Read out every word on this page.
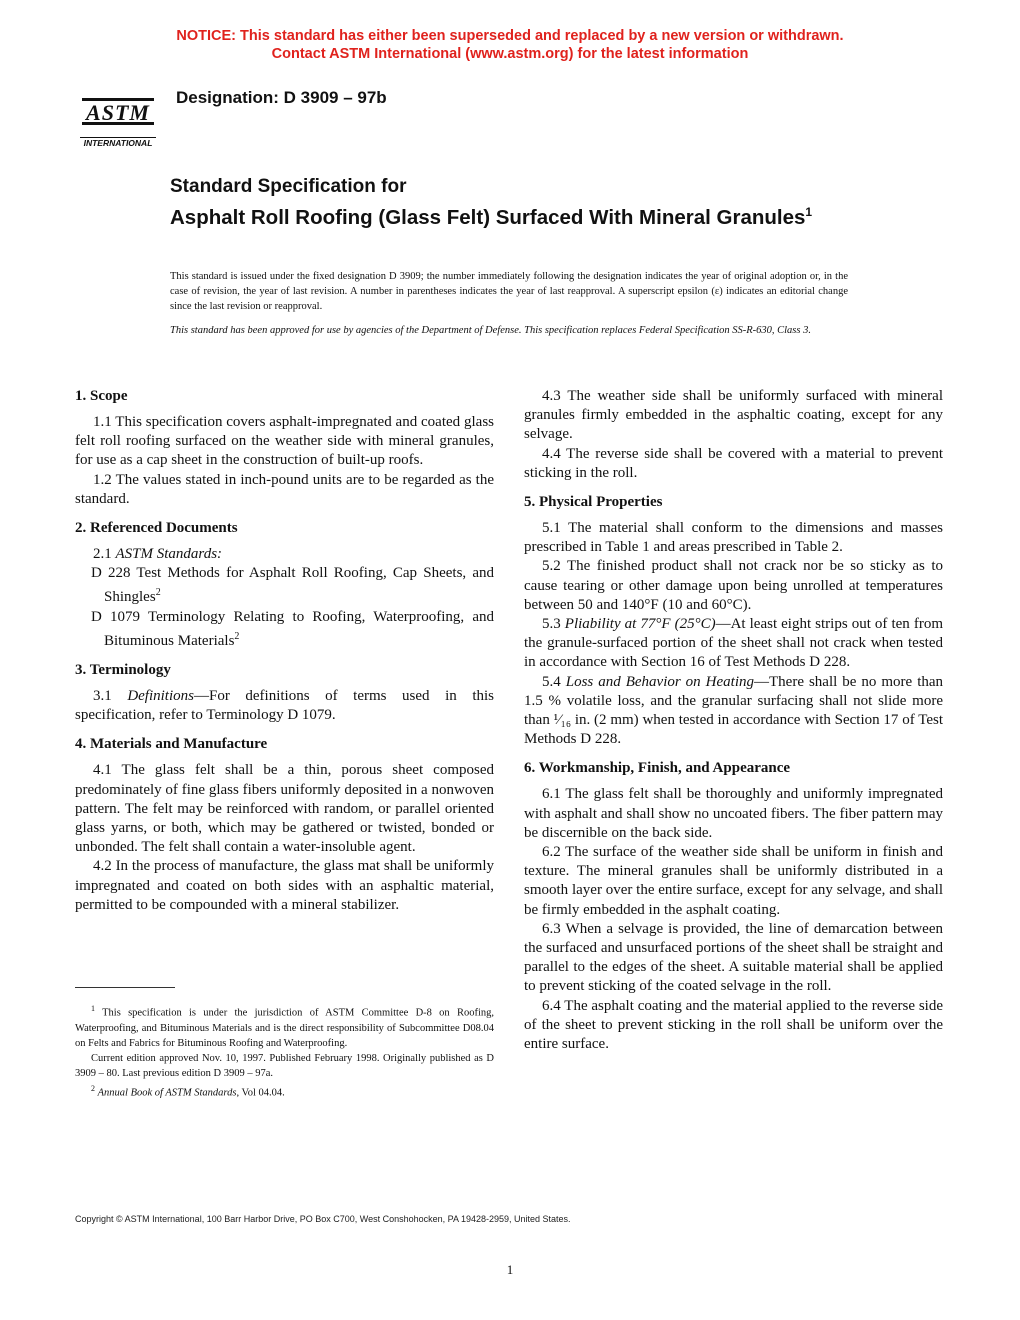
NOTICE: This standard has either been superseded and replaced by a new version or withdrawn.
Contact ASTM International (www.astm.org) for the latest information
ASTM
INTERNATIONAL
Designation: D 3909 – 97b
Standard Specification for
Asphalt Roll Roofing (Glass Felt) Surfaced With Mineral Granules$^1$

This standard is issued under the fixed designation D 3909; the number immediately following the designation indicates the year of original adoption or, in the case of revision, the year of last revision. A number in parentheses indicates the year of last reapproval. A superscript epsilon (ε) indicates an editorial change since the last revision or reapproval.

This standard has been approved for use by agencies of the Department of Defense. This specification replaces Federal Specification SS-R-630, Class 3.

1. Scope

1.1 This specification covers asphalt-impregnated and coated glass felt roll roofing surfaced on the weather side with mineral granules, for use as a cap sheet in the construction of built-up roofs.

1.2 The values stated in inch-pound units are to be regarded as the standard.

2. Referenced Documents

2.1 ASTM Standards:

D 228 Test Methods for Asphalt Roll Roofing, Cap Sheets, and Shingles$^2$

D 1079 Terminology Relating to Roofing, Waterproofing, and Bituminous Materials$^2$

3. Terminology

3.1 Definitions—For definitions of terms used in this specification, refer to Terminology D 1079.

4. Materials and Manufacture

4.1 The glass felt shall be a thin, porous sheet composed predominately of fine glass fibers uniformly deposited in a nonwoven pattern. The felt may be reinforced with random, or parallel oriented glass yarns, or both, which may be gathered or twisted, bonded or unbonded. The felt shall contain a water-insoluble agent.

4.2 In the process of manufacture, the glass mat shall be uniformly impregnated and coated on both sides with an asphaltic material, permitted to be compounded with a mineral stabilizer.

4.3 The weather side shall be uniformly surfaced with mineral granules firmly embedded in the asphaltic coating, except for any selvage.

4.4 The reverse side shall be covered with a material to prevent sticking in the roll.

5. Physical Properties

5.1 The material shall conform to the dimensions and masses prescribed in Table 1 and areas prescribed in Table 2.

5.2 The finished product shall not crack nor be so sticky as to cause tearing or other damage upon being unrolled at temperatures between 50 and 140°F (10 and 60°C).

5.3 Pliability at 77°F (25°C)—At least eight strips out of ten from the granule-surfaced portion of the sheet shall not crack when tested in accordance with Section 16 of Test Methods D 228.

5.4 Loss and Behavior on Heating—There shall be no more than 1.5 % volatile loss, and the granular surfacing shall not slide more than ¹⁄₁₆ in. (2 mm) when tested in accordance with Section 17 of Test Methods D 228.

6. Workmanship, Finish, and Appearance

6.1 The glass felt shall be thoroughly and uniformly impregnated with asphalt and shall show no uncoated fibers. The fiber pattern may be discernible on the back side.

6.2 The surface of the weather side shall be uniform in finish and texture. The mineral granules shall be uniformly distributed in a smooth layer over the entire surface, except for any selvage, and shall be firmly embedded in the asphalt coating.

6.3 When a selvage is provided, the line of demarcation between the surfaced and unsurfaced portions of the sheet shall be straight and parallel to the edges of the sheet. A suitable material shall be applied to prevent sticking of the coated selvage in the roll.

6.4 The asphalt coating and the material applied to the reverse side of the sheet to prevent sticking in the roll shall be uniform over the entire surface.

$^1$ This specification is under the jurisdiction of ASTM Committee D-8 on Roofing, Waterproofing, and Bituminous Materials and is the direct responsibility of Subcommittee D08.04 on Felts and Fabrics for Bituminous Roofing and Waterproofing.

Current edition approved Nov. 10, 1997. Published February 1998. Originally published as D 3909 – 80. Last previous edition D 3909 – 97a.

$^2$ Annual Book of ASTM Standards, Vol 04.04.

Copyright © ASTM International, 100 Barr Harbor Drive, PO Box C700, West Conshohocken, PA 19428-2959, United States.
1
